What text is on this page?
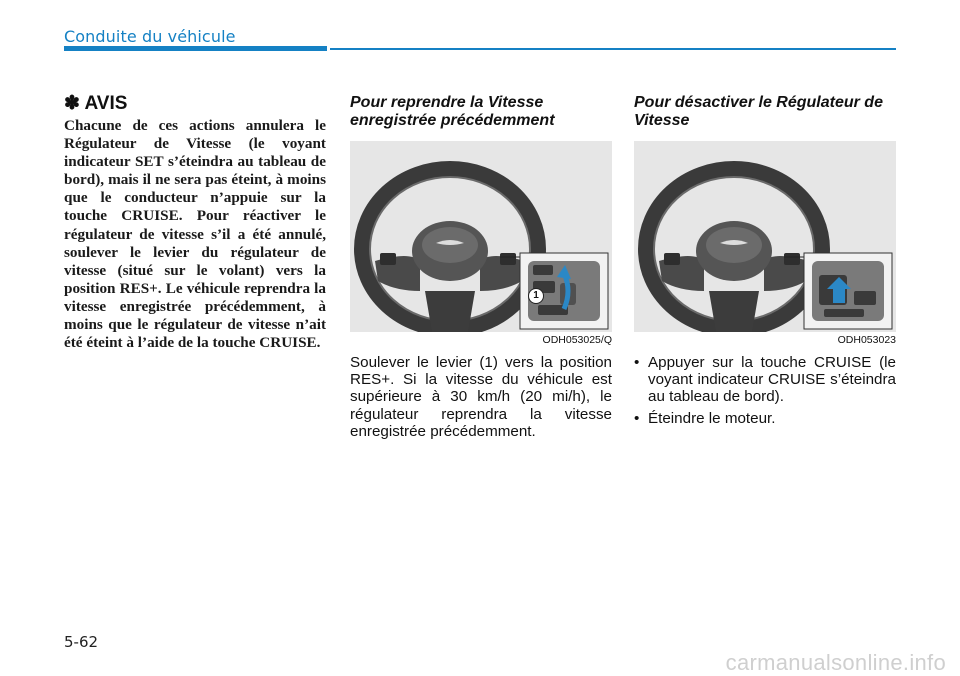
Conduite du véhicule
✽ AVIS
Chacune de ces actions annulera le Régulateur de Vitesse (le voyant indicateur SET s’éteindra au tableau de bord), mais il ne sera pas éteint, à moins que le conducteur n’appuie sur la touche CRUISE. Pour réactiver le régulateur de vitesse s’il a été annulé, soulever le levier du régulateur de vitesse (situé sur le volant) vers la position RES+. Le véhicule reprendra la vitesse enregistrée précédemment, à moins que le régulateur de vitesse n’ait été éteint à l’aide de la touche CRUISE.
Pour reprendre la Vitesse enregistrée précédemment
1
ODH053025/Q
Soulever le levier (1) vers la position RES+. Si la vitesse du véhicule est supérieure à 30 km/h (20 mi/h), le régulateur reprendra la vitesse enregistrée précédemment.
Pour désactiver le Régulateur de Vitesse
ODH053023
• Appuyer sur la touche CRUISE (le voyant indicateur CRUISE s’éteindra au tableau de bord).
• Éteindre le moteur.
5-62
carmanualsonline.info
